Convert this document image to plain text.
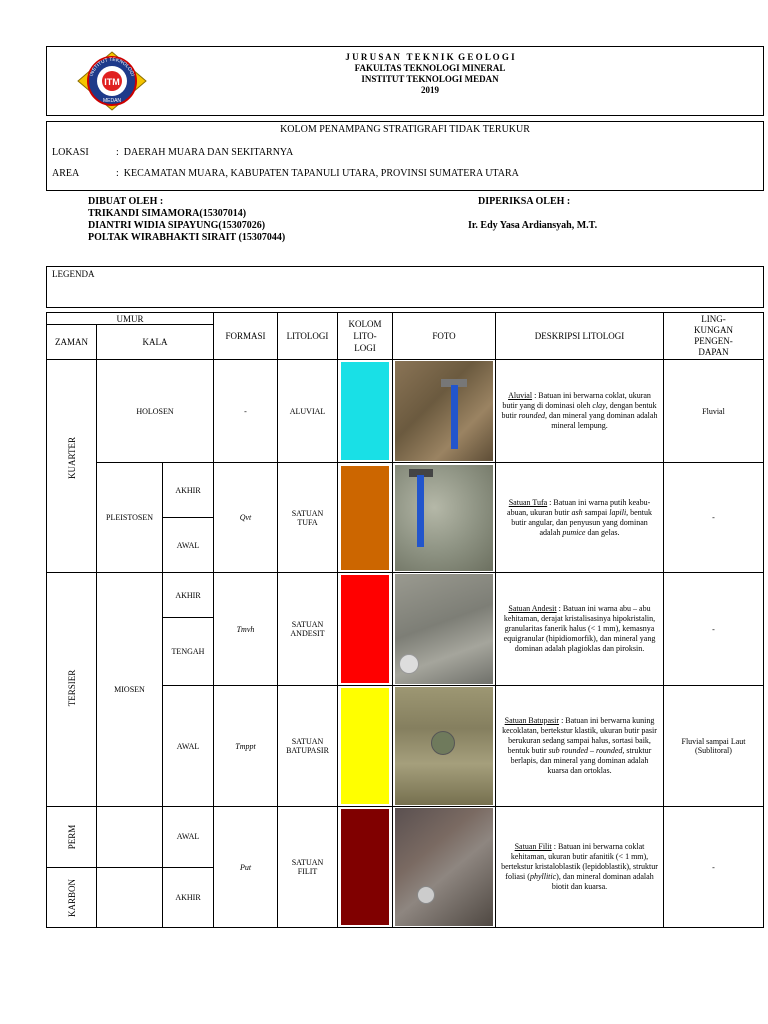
ITM
INSTITUT TEKNOLOGI
MEDAN
J U R U S A N   T E K N I K  G E O L O G I
FAKULTAS TEKNOLOGI MINERAL
INSTITUT TEKNOLOGI MEDAN
2019
KOLOM PENAMPANG STRATIGRAFI TIDAK TERUKUR
LOKASI	:  DAERAH MUARA DAN SEKITARNYA
AREA	:  KECAMATAN MUARA, KABUPATEN TAPANULI UTARA, PROVINSI SUMATERA UTARA
DIBUAT OLEH :
TRIKANDI SIMAMORA(15307014)
DIANTRI WIDIA SIPAYUNG(15307026)
POLTAK WIRABHAKTI SIRAIT (15307044)
DIPERIKSA OLEH :
Ir. Edy Yasa Ardiansyah, M.T.
LEGENDA
UMUR			FORMASI	LITOLOGI	KOLOM LITO-LOGI	FOTO	DESKRIPSI LITOLOGI	LING-KUNGAN PENGEN-DAPAN

ZAMAN	KALA							

KUARTER	HOLOSEN		-	ALUVIAL			Aluvial : Batuan ini berwarna coklat, ukuran butir yang di dominasi oleh clay, dengan bentuk butir rounded, dan mineral yang dominan adalah mineral lempung.	Fluvial
	PLEISTOSEN	AKHIR	Qvt	SATUAN TUFA			Satuan Tufa : Batuan ini warna putih keabu-abuan, ukuran butir ash sampai lapili, bentuk butir angular, dan penyusun yang dominan adalah pumice dan gelas.	-
		AWAL						

TERSIER	MIOSEN	AKHIR	Tmvh	SATUAN ANDESIT			Satuan Andesit : Batuan ini warna abu – abu kehitaman, derajat kristalisasinya hipokristalin, granularitas fanerik halus (< 1 mm), kemasnya equigranular (hipidiomorfik), dan mineral yang dominan adalah plagioklas dan piroksin.	-
		TENGAH						
		AWAL	Tmppt	SATUAN BATUPASIR			Satuan Batupasir : Batuan ini berwarna kuning kecoklatan, bertekstur klastik, ukuran butir pasir berukuran sedang sampai halus, sortasi baik, bentuk butir sub rounded – rounded, struktur berlapis, dan mineral yang dominan adalah kuarsa dan ortoklas.	Fluvial sampai Laut (Sublitoral)

PERM		AWAL	Put	SATUAN FILIT			Satuan Filit : Batuan ini berwarna coklat kehitaman, ukuran butir afanitik (< 1 mm), bertekstur kristaloblastik (lepidoblastik), struktur foliasi (phyllitic), dan mineral dominan adalah biotit dan kuarsa.	-

KARBON		AKHIR						
